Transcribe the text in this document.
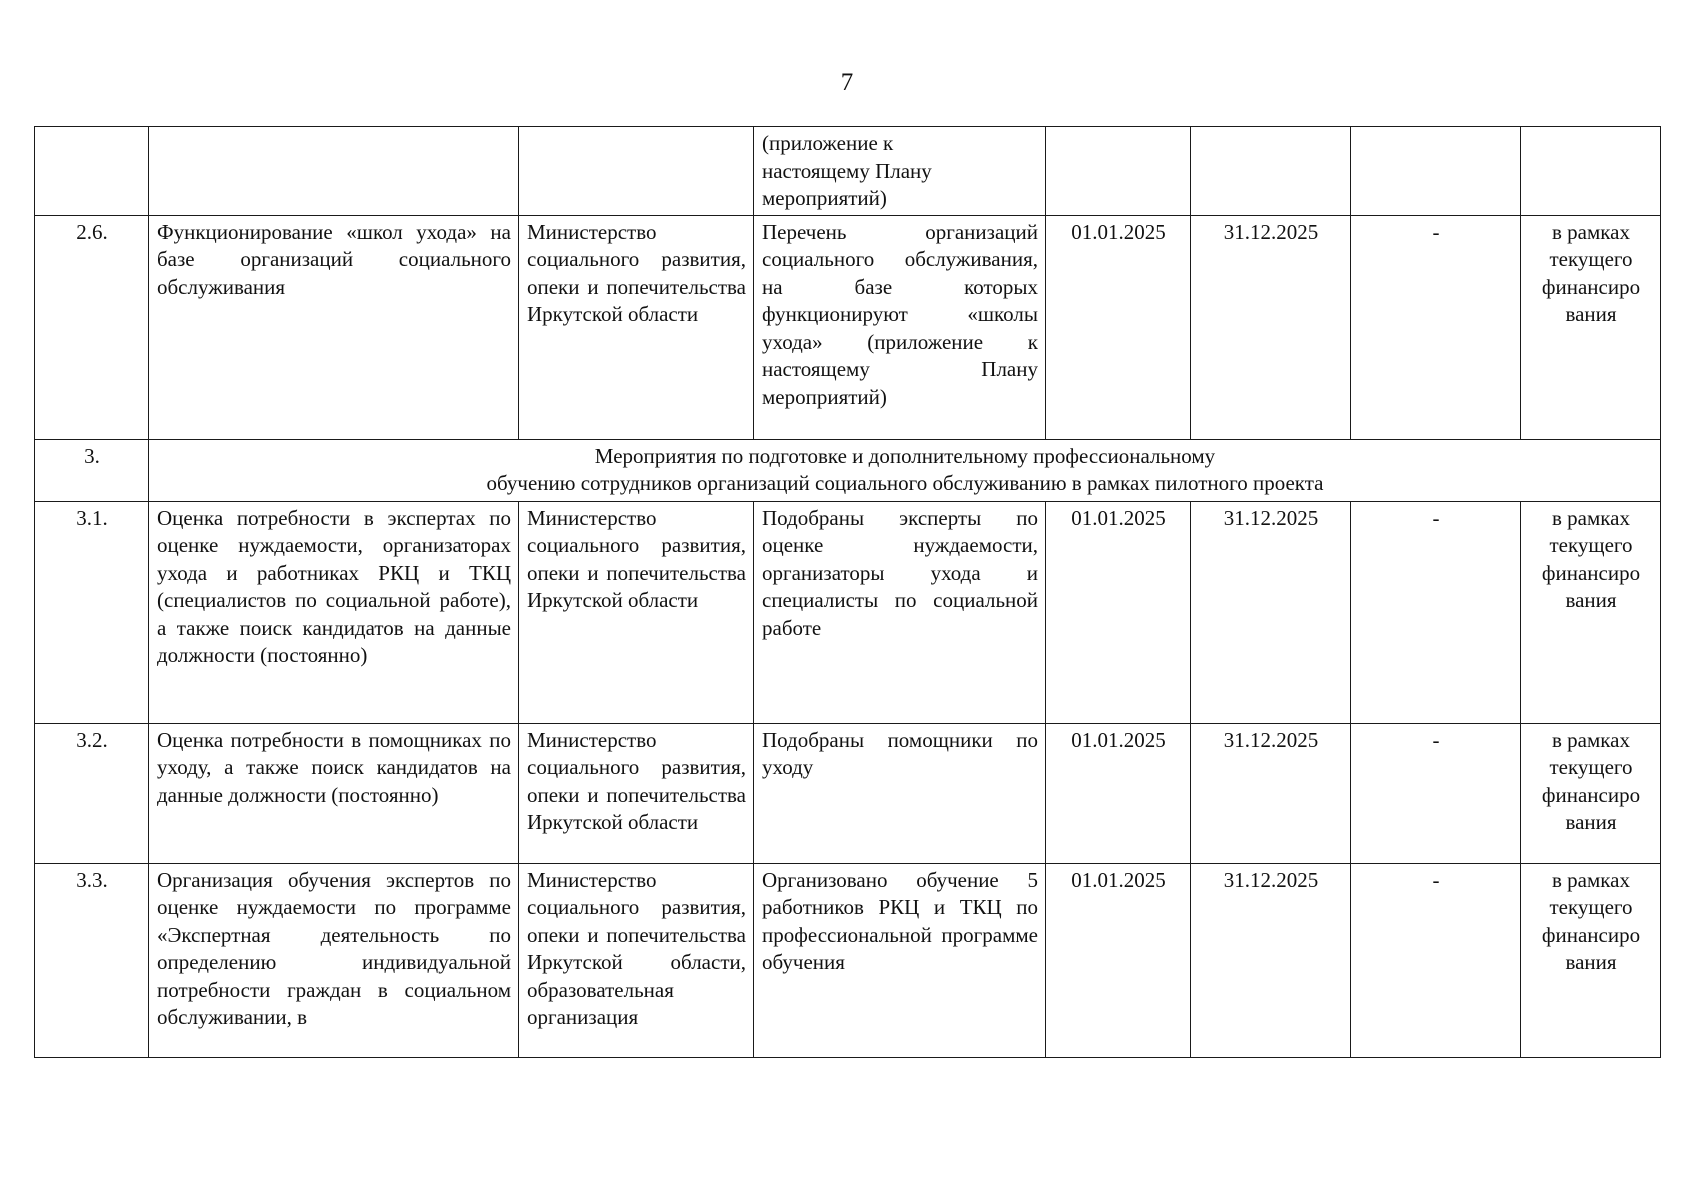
7

			(приложение к
настоящему Плану
мероприятий)				

2.6.	Функционирование «школ ухода» на базе организаций социального обслуживания	Министерство социального развития, опеки и попечительства Иркутской области	Перечень организаций социального обслуживания, на базе которых функционируют «школы ухода» (приложение к настоящему Плану мероприятий)	01.01.2025	31.12.2025	-	в рамках текущего финансиро вания
3.	Мероприятия по подготовке и дополнительному профессиональному
обучению сотрудников организаций социального обслуживанию в рамках пилотного проекта						

3.1.	Оценка потребности в экспертах по оценке нуждаемости, организаторах ухода и работниках РКЦ и ТКЦ (специалистов по социальной работе), а также поиск кандидатов на данные должности (постоянно)	Министерство социального развития, опеки и попечительства Иркутской области	Подобраны эксперты по оценке нуждаемости, организаторы ухода и специалисты по социальной работе	01.01.2025	31.12.2025	-	в рамках текущего финансиро вания
3.2.	Оценка потребности в помощниках по уходу, а также поиск кандидатов на данные должности (постоянно)	Министерство социального развития, опеки и попечительства Иркутской области	Подобраны помощники по уходу	01.01.2025	31.12.2025	-	в рамках текущего финансиро вания
3.3.	Организация обучения экспертов по оценке нуждаемости по программе «Экспертная деятельность по определению индивидуальной потребности граждан в социальном обслуживании, в	Министерство социального развития, опеки и попечительства Иркутской области, образовательная организация	Организовано обучение 5 работников РКЦ и ТКЦ по профессиональной программе обучения	01.01.2025	31.12.2025	-	в рамках текущего финансиро вания
